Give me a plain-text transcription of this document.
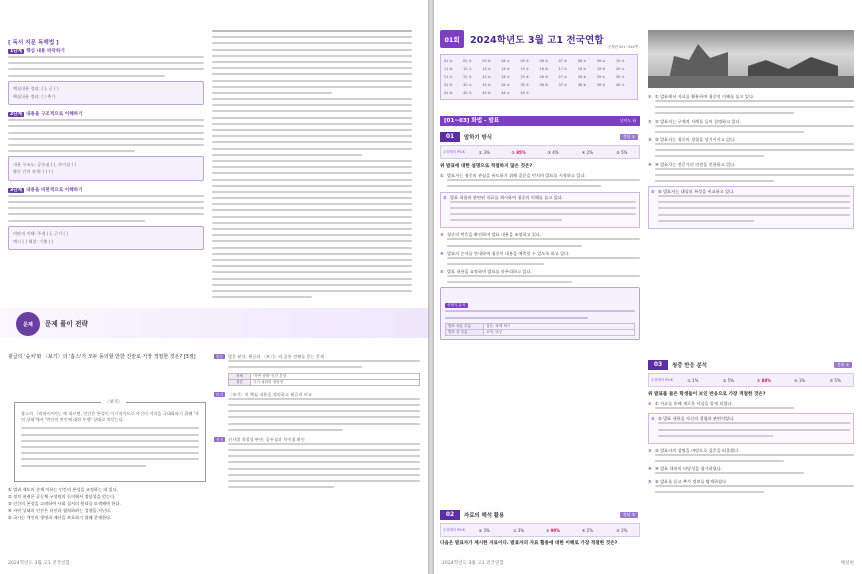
[ 독서 지문 독해법 ]
1단계 핵심 내용 파악하기
핵심내용 정리: ( ), 글 ( )
핵심내용 정리: ( ) 추가
2단계 내용을 구조적으로 이해하기
내용 구조도: 공통점 ( ), 차이점 ( )
활동 간의 관계: ( ) ( )
3단계 내용을 비판적으로 이해하기
비판적 이해: 주제 ( ), 근거 ( )
예시 ( ) 해결: 기출 ( )
문제	문제 풀이 전략
윗글의 '숲치'와 〈보기〉의 '흡스'가 모두 동의할 만한 진술로 가장 적절한 것은? [3점]
〈보기〉
홉스의 『리바이어던』에 따르면, 인간은 본성이 이기적이므로 자신의 이익을 극대화하기 위해 '자연 상태'에서 '만인의 만인에 대한 투쟁' 상태로 치닫는다.
① 법과 제도의 존재 이유는 인간의 본성을 교정하는 데 있다.
② 정치 권력은 공동체 구성원의 동의에서 정당성을 얻는다.
③ 인간의 본성을 고려하여 사회 질서의 원리를 모색해야 한다.
④ 자연 상태의 인간은 타인과 협력하려는 성향을 지닌다.
⑤ 국가는 개인의 생명과 재산을 보호하기 위해 존재한다.
발문	발문 분석: 윗글과 〈보기〉의 공통 견해를 묻는 문제
전제	'자연 상태' 인간 본성
결론	국가 권력의 정당성
보기	〈보기〉의 핵심 내용을 정리하고 윗글과 비교
선지	선지별 적절성 판단: 공통점과 차이점 확인
2024학년도 3월 고1 전국연합
01회	2024학년도 3월 고1 전국연합
문제편 001~024쪽
01 ②	02 ④	03 ⑤	04 ②	05 ③	06 ①	07 ④	08 ③	09 ②	10 ⑤
11 ④	12 ①	13 ③	14 ⑤	15 ②	16 ④	17 ①	18 ③	19 ⑤	20 ②
21 ③	22 ④	23 ②	24 ①	25 ⑤	26 ③	27 ②	28 ④	29 ①	30 ③
31 ⑤	32 ②	33 ④	34 ③	35 ①	36 ⑤	37 ②	38 ④	39 ③	40 ①
41 ④	42 ③	43 ⑤	44 ②	45 ①
[01~03] 화법 - 발표	난이도 하
01	말하기 방식	정답 ②
수험생의 PICK	① 3%	② 85%	③ 4%	④ 2%	⑤ 5%
위 발표에 대한 설명으로 적절하지 않은 것은?
① 발표자는 청중의 관심을 유도하기 위해 질문을 던지며 발표를 시작하고 있다.
② 발표 내용과 관련된 자료를 제시하여 청중의 이해를 돕고 있다.
③ 청중의 반응을 확인하며 발표 내용을 조정하고 있다.
④ 발표의 순서를 안내하여 청중이 내용을 예측할 수 있도록 하고 있다.
⑤ 발표 내용을 요약하며 발표를 마무리하고 있다.
선택지 분석
발표 처음 부분	질문, 화제 제시
발표 끝 부분	요약, 당부
02	자료의 해석 활용	정답 ③
수험생의 PICK	① 3%	② 3%	③ 90%	④ 2%	⑤ 2%
다음은 발표자가 제시한 자료이다. 발표자의 자료 활용에 대한 이해로 가장 적절한 것은?
① ① 발표에서 자료를 활용하여 청중의 이해를 돕고 있다.
② ② 발표자는 구체적 사례를 들어 설명하고 있다.
③ ③ 발표자는 청중의 경험을 상기시키고 있다.
④ ④ 발표자는 전문가의 의견을 인용하고 있다.
⑤ ⑤ 발표자는 대상의 특성을 비교하고 있다.
03	청중 반응 분석	정답 ③
수험생의 PICK	① 1%	② 5%	③ 88%	④ 1%	⑤ 5%
위 발표를 들은 학생들이 보인 반응으로 가장 적절한 것은?
① ① 자료를 통해 새로운 사실을 알게 되었다.
② ② 발표 내용을 자신의 경험과 관련지었다.
③ ③ 발표자의 설명을 바탕으로 질문을 떠올렸다.
④ ④ 발표 내용의 타당성을 평가하였다.
⑤ ⑤ 발표를 듣고 추가 정보를 탐색하였다.
2024학년도 3월 고1 전국연합	해설편
